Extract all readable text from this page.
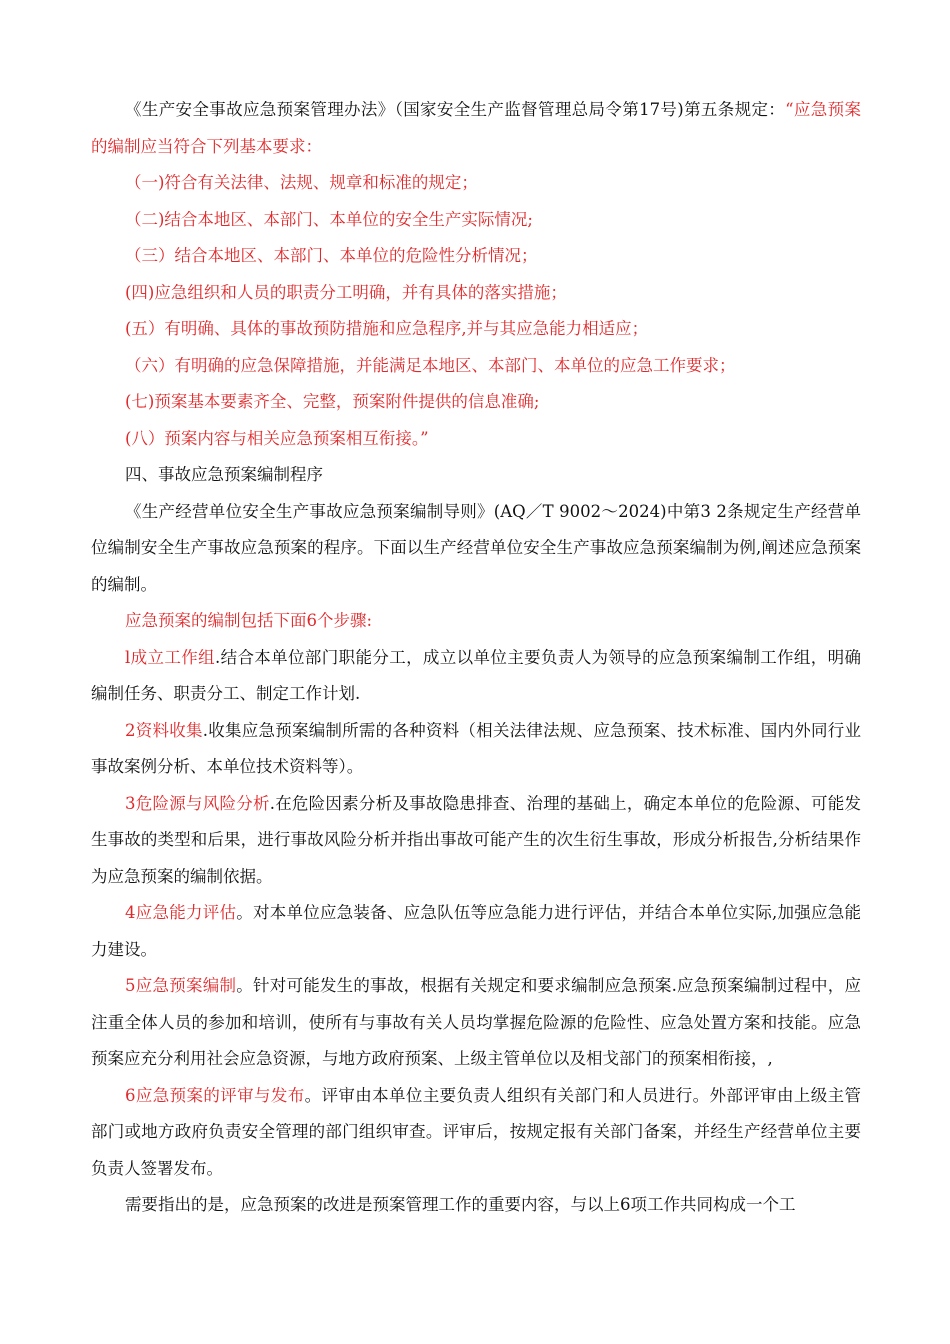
《生产安全事故应急预案管理办法》（国家安全生产监督管理总局令第17号)第五条规定：“应急预案的编制应当符合下列基本要求：

（一)符合有关法律、法规、规章和标准的规定；

（二)结合本地区、本部门、本单位的安全生产实际情况;

（三）结合本地区、本部门、本单位的危险性分析情况；

(四)应急组织和人员的职责分工明确，并有具体的落实措施；

(五）有明确、具体的事故预防措施和应急程序,并与其应急能力相适应；

（六）有明确的应急保障措施，并能满足本地区、本部门、本单位的应急工作要求；

(七)预案基本要素齐全、完整，预案附件提供的信息准确;

(八）预案内容与相关应急预案相互衔接。”

四、事故应急预案编制程序

《生产经营单位安全生产事故应急预案编制导则》(AQ／T 9002～2024)中第3 2条规定生产经营单位编制安全生产事故应急预案的程序。下面以生产经营单位安全生产事故应急预案编制为例,阐述应急预案的编制。

应急预案的编制包括下面6个步骤:

l成立工作组.结合本单位部门职能分工，成立以单位主要负责人为领导的应急预案编制工作组，明确编制任务、职责分工、制定工作计划.

2资料收集.收集应急预案编制所需的各种资料（相关法律法规、应急预案、技术标准、国内外同行业事故案例分析、本单位技术资料等）。

3危险源与风险分析.在危险因素分析及事故隐患排查、治理的基础上，确定本单位的危险源、可能发生事故的类型和后果，进行事故风险分析并指出事故可能产生的次生衍生事故，形成分析报告,分析结果作为应急预案的编制依据。

4应急能力评估。对本单位应急装备、应急队伍等应急能力进行评估，并结合本单位实际,加强应急能力建设。

5应急预案编制。针对可能发生的事故，根据有关规定和要求编制应急预案.应急预案编制过程中，应注重全体人员的参加和培训，使所有与事故有关人员均掌握危险源的危险性、应急处置方案和技能。应急预案应充分利用社会应急资源，与地方政府预案、上级主管单位以及相戈部门的预案相衔接，,

6应急预案的评审与发布。评审由本单位主要负责人组织有关部门和人员进行。外部评审由上级主管部门或地方政府负责安全管理的部门组织审查。评审后，按规定报有关部门备案，并经生产经营单位主要负责人签署发布。

需要指出的是，应急预案的改进是预案管理工作的重要内容，与以上6项工作共同构成一个工
